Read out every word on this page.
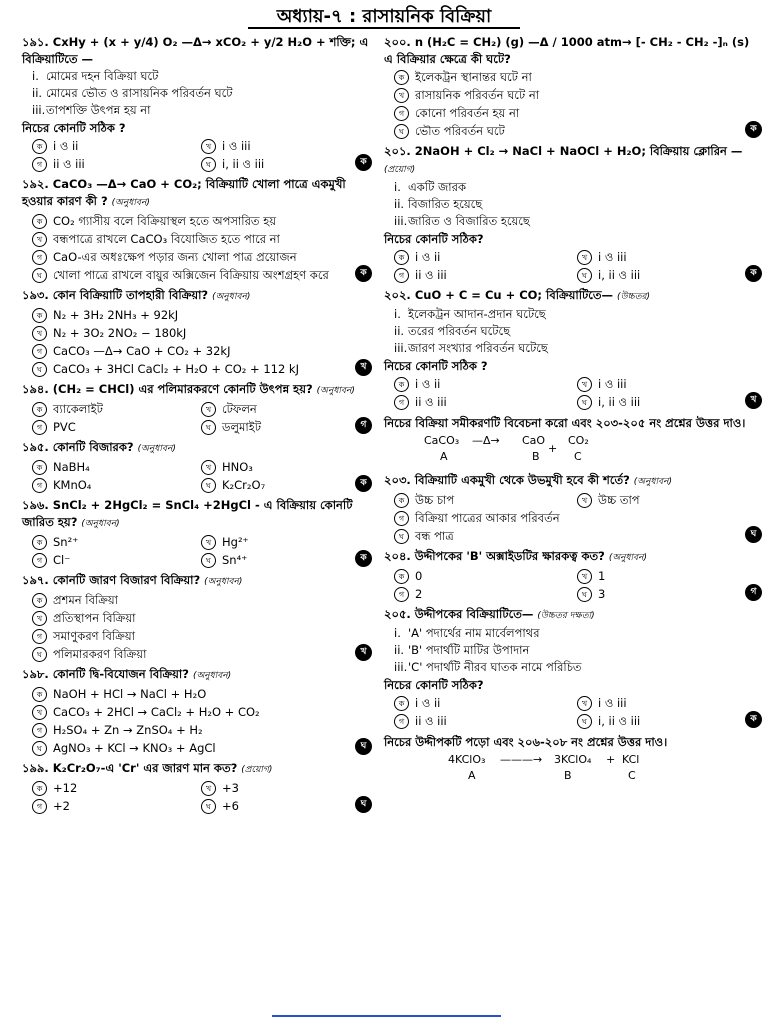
অধ্যায়-৭ : রাসায়নিক বিক্রিয়া
১৯১. CxHy + (x + y/4) O₂ —Δ→ xCO₂ + y/2 H₂O + শক্তি; এ বিক্রিয়াটিতে —
i. মোমের দহন বিক্রিয়া ঘটে
ii. মোমের ভৌত ও রাসায়নিক পরিবর্তন ঘটে
iii. তাপশক্তি উৎপন্ন হয় না
নিচের কোনটি সঠিক ?
ক i ও ii	খ i ও iii
গ ii ও iii	ঘ i, ii ও iii	ক
১৯২. CaCO₃ —Δ→ CaO + CO₂; বিক্রিয়াটি খোলা পাত্রে একমুখী হওয়ার কারণ কী ? (অনুধাবন)
ক CO₂ গ্যাসীয় বলে বিক্রিয়াস্থল হতে অপসারিত হয়
খ বন্ধপাত্রে রাখলে CaCO₃ বিযোজিত হতে পারে না
গ CaO-এর অধঃক্ষেপ পড়ার জন্য খোলা পাত্র প্রয়োজন
ঘ খোলা পাত্রে রাখলে বায়ুর অক্সিজেন বিক্রিয়ায় অংশগ্রহণ করে	ক
১৯৩. কোন বিক্রিয়াটি তাপহারী বিক্রিয়া? (অনুধাবন)
ক N₂ + 3H₂ 2NH₃ + 92kJ
খ N₂ + 3O₂ 2NO₂ − 180kJ
গ CaCO₃ —Δ→ CaO + CO₂ + 32kJ
ঘ CaCO₃ + 3HCl CaCl₂ + H₂O + CO₂ + 112 kJ	খ
১৯৪. (CH₂ = CHCl) এর পলিমারকরণে কোনটি উৎপন্ন হয়? (অনুধাবন)
ক ব্যাকেলাইট	খ টেফলন
গ PVC	ঘ ডলুমাইট	গ
১৯৫. কোনটি বিজারক? (অনুধাবন)
ক NaBH₄	খ HNO₃
গ KMnO₄	ঘ K₂Cr₂O₇	ক
১৯৬. SnCl₂ + 2HgCl₂ = SnCl₄ +2HgCl - এ বিক্রিয়ায় কোনটি জারিত হয়? (অনুধাবন)
ক Sn²⁺	খ Hg²⁺
গ Cl⁻	ঘ Sn⁴⁺	ক
১৯৭. কোনটি জারণ বিজারণ বিক্রিয়া? (অনুধাবন)
ক প্রশমন বিক্রিয়া
খ প্রতিস্থাপন বিক্রিয়া
গ সমাণুকরণ বিক্রিয়া
ঘ পলিমারকরণ বিক্রিয়া	খ
১৯৮. কোনটি দ্বি-বিযোজন বিক্রিয়া? (অনুধাবন)
ক NaOH + HCl → NaCl + H₂O
খ CaCO₃ + 2HCl → CaCl₂ + H₂O + CO₂
গ H₂SO₄ + Zn → ZnSO₄ + H₂
ঘ AgNO₃ + KCl → KNO₃ + AgCl	ঘ
১৯৯. K₂Cr₂O₇-এ 'Cr' এর জারণ মান কত? (প্রয়োগ)
ক +12	খ +3
গ +2	ঘ +6	ঘ
২০০. n (H₂C = CH₂) (g) —Δ / 1000 atm→ [- CH₂ - CH₂ -]ₙ (s) এ বিক্রিয়ার ক্ষেত্রে কী ঘটে?
ক ইলেকট্রন স্থানান্তর ঘটে না
খ রাসায়নিক পরিবর্তন ঘটে না
গ কোনো পরিবর্তন হয় না
ঘ ভৌত পরিবর্তন ঘটে	ক
২০১. 2NaOH + Cl₂ → NaCl + NaOCl + H₂O; বিক্রিয়ায় ক্লোরিন — (প্রয়োগ)
i. একটি জারক
ii. বিজারিত হয়েছে
iii. জারিত ও বিজারিত হয়েছে
নিচের কোনটি সঠিক?
ক i ও ii	খ i ও iii
গ ii ও iii	ঘ i, ii ও iii	ক
২০২. CuO + C = Cu + CO; বিক্রিয়াটিতে— (উচ্চতর)
i. ইলেকট্রন আদান-প্রদান ঘটেছে
ii. তরের পরিবর্তন ঘটেছে
iii. জারণ সংখ্যার পরিবর্তন ঘটেছে
নিচের কোনটি সঠিক ?
ক i ও ii	খ i ও iii
গ ii ও iii	ঘ i, ii ও iii	খ
নিচের বিক্রিয়া সমীকরণটি বিবেচনা করো এবং ২০৩-২০৫ নং প্রশ্নের উত্তর দাও।
CaCO₃ —Δ→ CaO
+
CO₂
A	B	C
২০৩. বিক্রিয়াটি একমুখী থেকে উভমুখী হবে কী শর্তে? (অনুধাবন)
ক উচ্চ চাপ	খ উচ্চ তাপ
গ বিক্রিয়া পাত্রের আকার পরিবর্তন
ঘ বন্ধ পাত্র	ঘ
২০৪. উদ্দীপকের 'B' অক্সাইডটির ক্ষারকত্ব কত? (অনুধাবন)
ক 0	খ 1
গ 2	ঘ 3	গ
২০৫. উদ্দীপকের বিক্রিয়াটিতে— (উচ্চতর দক্ষতা)
i. 'A' পদার্থের নাম মার্বেলপাথর
ii. 'B' পদার্থটি মাটির উপাদান
iii. 'C' পদার্থটি নীরব ঘাতক নামে পরিচিত
নিচের কোনটি সঠিক?
ক i ও ii	খ i ও iii
গ ii ও iii	ঘ i, ii ও iii	ক
নিচের উদ্দীপকটি পড়ো এবং ২০৬-২০৮ নং প্রশ্নের উত্তর দাও।
4KClO₃ ———→ 3KClO₄ + KCl
A	B	C
